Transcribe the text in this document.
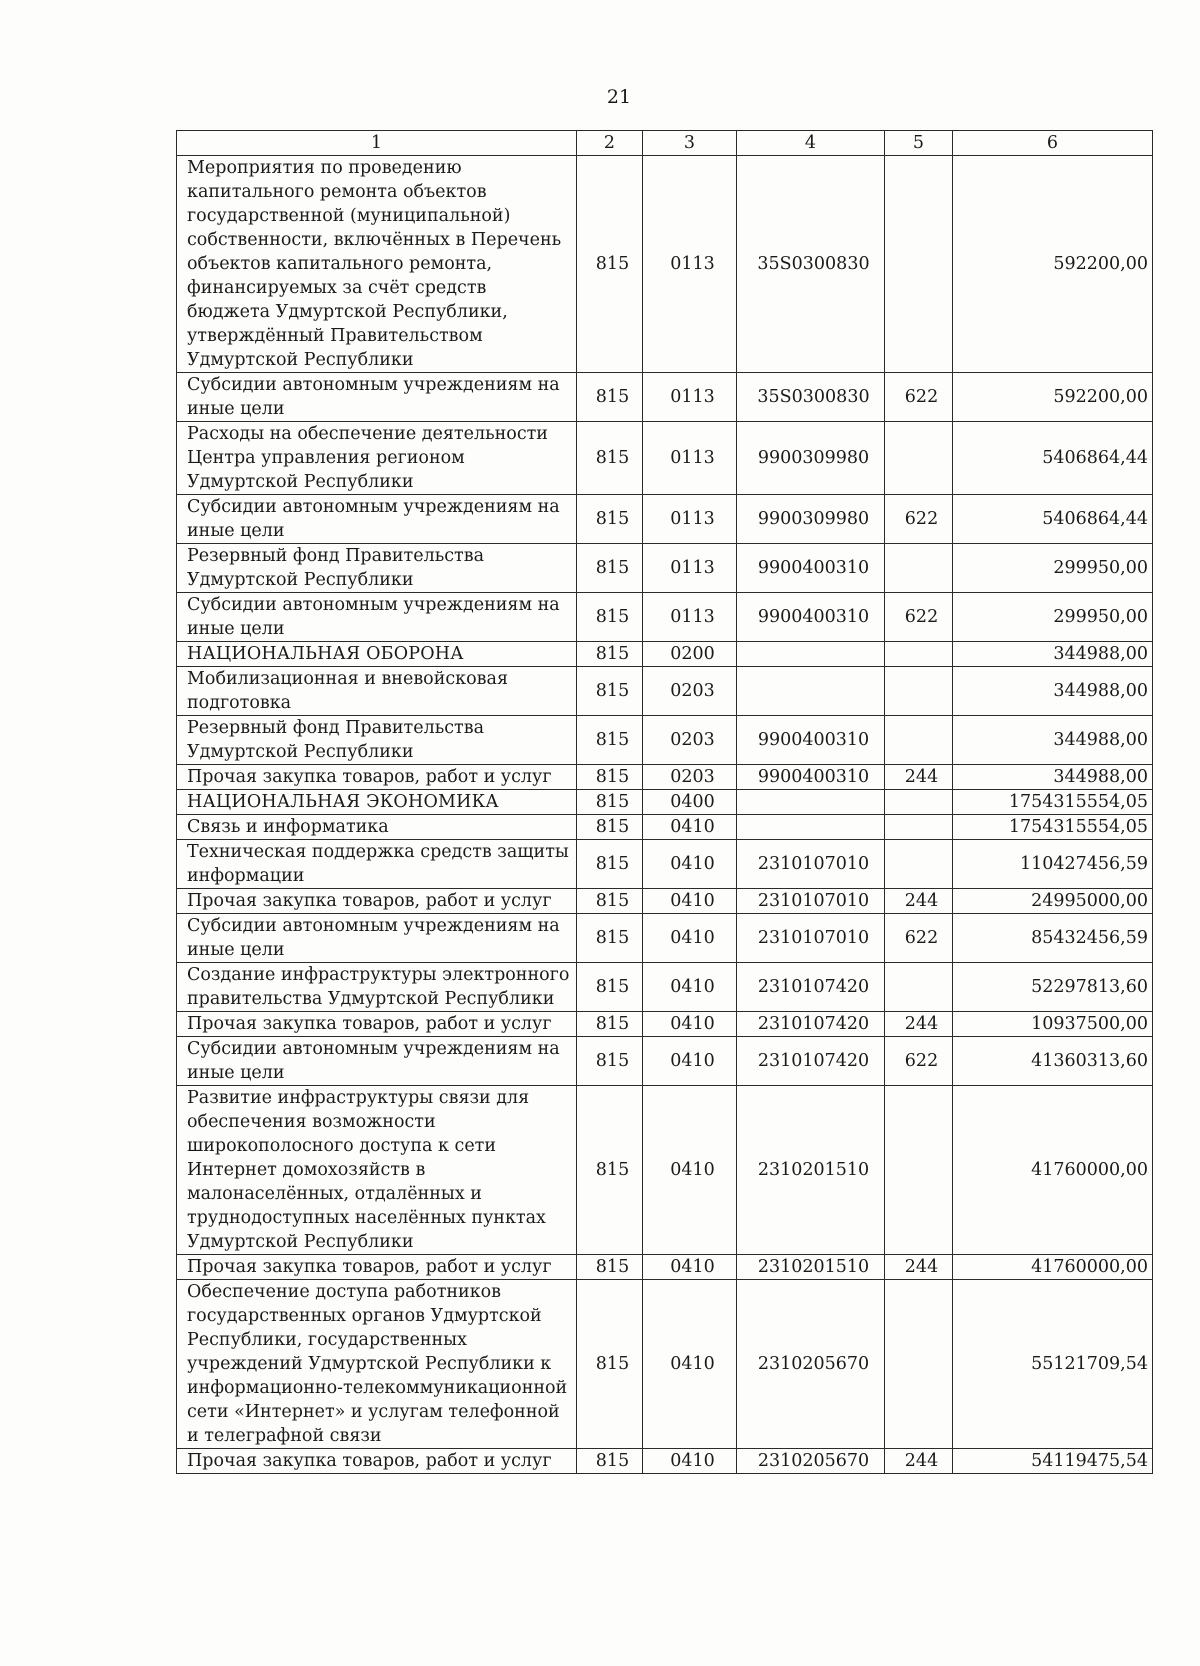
21
1	2	3	4	5	6
Мероприятия по проведению капитального ремонта объектов государственной (муниципальной) собственности, включённых в Перечень объектов капитального ремонта, финансируемых за счёт средств бюджета Удмуртской Республики, утверждённый Правительством Удмуртской Республики	815	0113	35S0300830		592200,00
Субсидии автономным учреждениям на иные цели	815	0113	35S0300830	622	592200,00
Расходы на обеспечение деятельности Центра управления регионом Удмуртской Республики	815	0113	9900309980		5406864,44
Субсидии автономным учреждениям на иные цели	815	0113	9900309980	622	5406864,44
Резервный фонд Правительства Удмуртской Республики	815	0113	9900400310		299950,00
Субсидии автономным учреждениям на иные цели	815	0113	9900400310	622	299950,00
НАЦИОНАЛЬНАЯ ОБОРОНА	815	0200			344988,00
Мобилизационная и вневойсковая подготовка	815	0203			344988,00
Резервный фонд Правительства Удмуртской Республики	815	0203	9900400310		344988,00
Прочая закупка товаров, работ и услуг	815	0203	9900400310	244	344988,00
НАЦИОНАЛЬНАЯ ЭКОНОМИКА	815	0400			1754315554,05
Связь и информатика	815	0410			1754315554,05
Техническая поддержка средств защиты информации	815	0410	2310107010		110427456,59
Прочая закупка товаров, работ и услуг	815	0410	2310107010	244	24995000,00
Субсидии автономным учреждениям на иные цели	815	0410	2310107010	622	85432456,59
Создание инфраструктуры электронного правительства Удмуртской Республики	815	0410	2310107420		52297813,60
Прочая закупка товаров, работ и услуг	815	0410	2310107420	244	10937500,00
Субсидии автономным учреждениям на иные цели	815	0410	2310107420	622	41360313,60
Развитие инфраструктуры связи для обеспечения возможности широкополосного доступа к сети Интернет домохозяйств в малонаселённых, отдалённых и труднодоступных населённых пунктах Удмуртской Республики	815	0410	2310201510		41760000,00
Прочая закупка товаров, работ и услуг	815	0410	2310201510	244	41760000,00
Обеспечение доступа работников государственных органов Удмуртской Республики, государственных учреждений Удмуртской Республики к информационно-телекоммуникационной сети «Интернет» и услугам телефонной и телеграфной связи	815	0410	2310205670		55121709,54
Прочая закупка товаров, работ и услуг	815	0410	2310205670	244	54119475,54
